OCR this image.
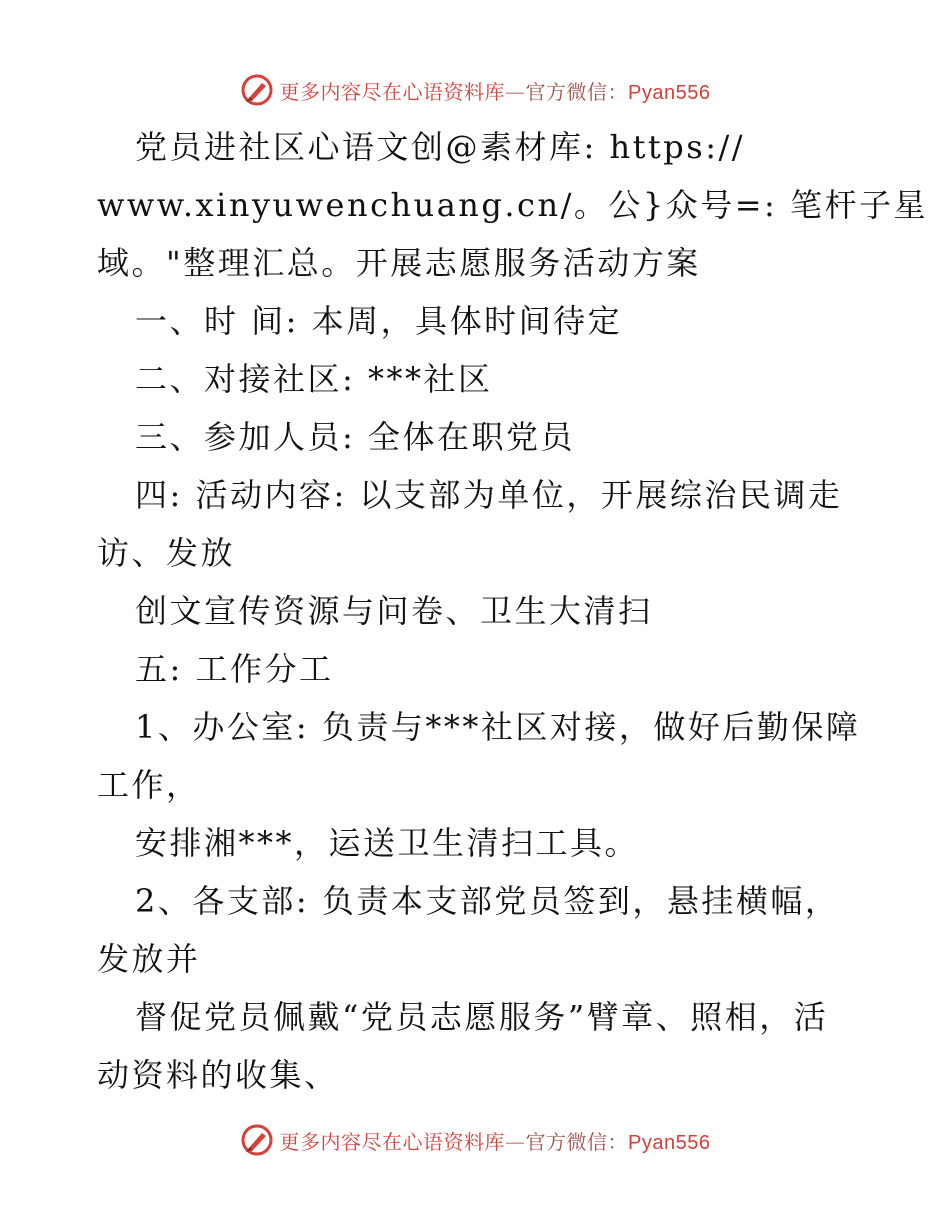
更多内容尽在心语资料库—官方微信：Pyan556
党员进社区心语文创@素材库: https://
www.xinyuwenchuang.cn/。公}众号=: 笔杆子星
域。"整理汇总。开展志愿服务活动方案
一、时 间: 本周，具体时间待定
二、对接社区: ***社区
三、参加人员: 全体在职党员
四: 活动内容: 以支部为单位，开展综治民调走
访、发放
创文宣传资源与问卷、卫生大清扫
五: 工作分工
1、办公室: 负责与***社区对接，做好后勤保障
工作，
安排湘***，运送卫生清扫工具。
2、各支部: 负责本支部党员签到，悬挂横幅，
发放并
督促党员佩戴“党员志愿服务”臂章、照相，活
动资料的收集、
更多内容尽在心语资料库—官方微信：Pyan556
